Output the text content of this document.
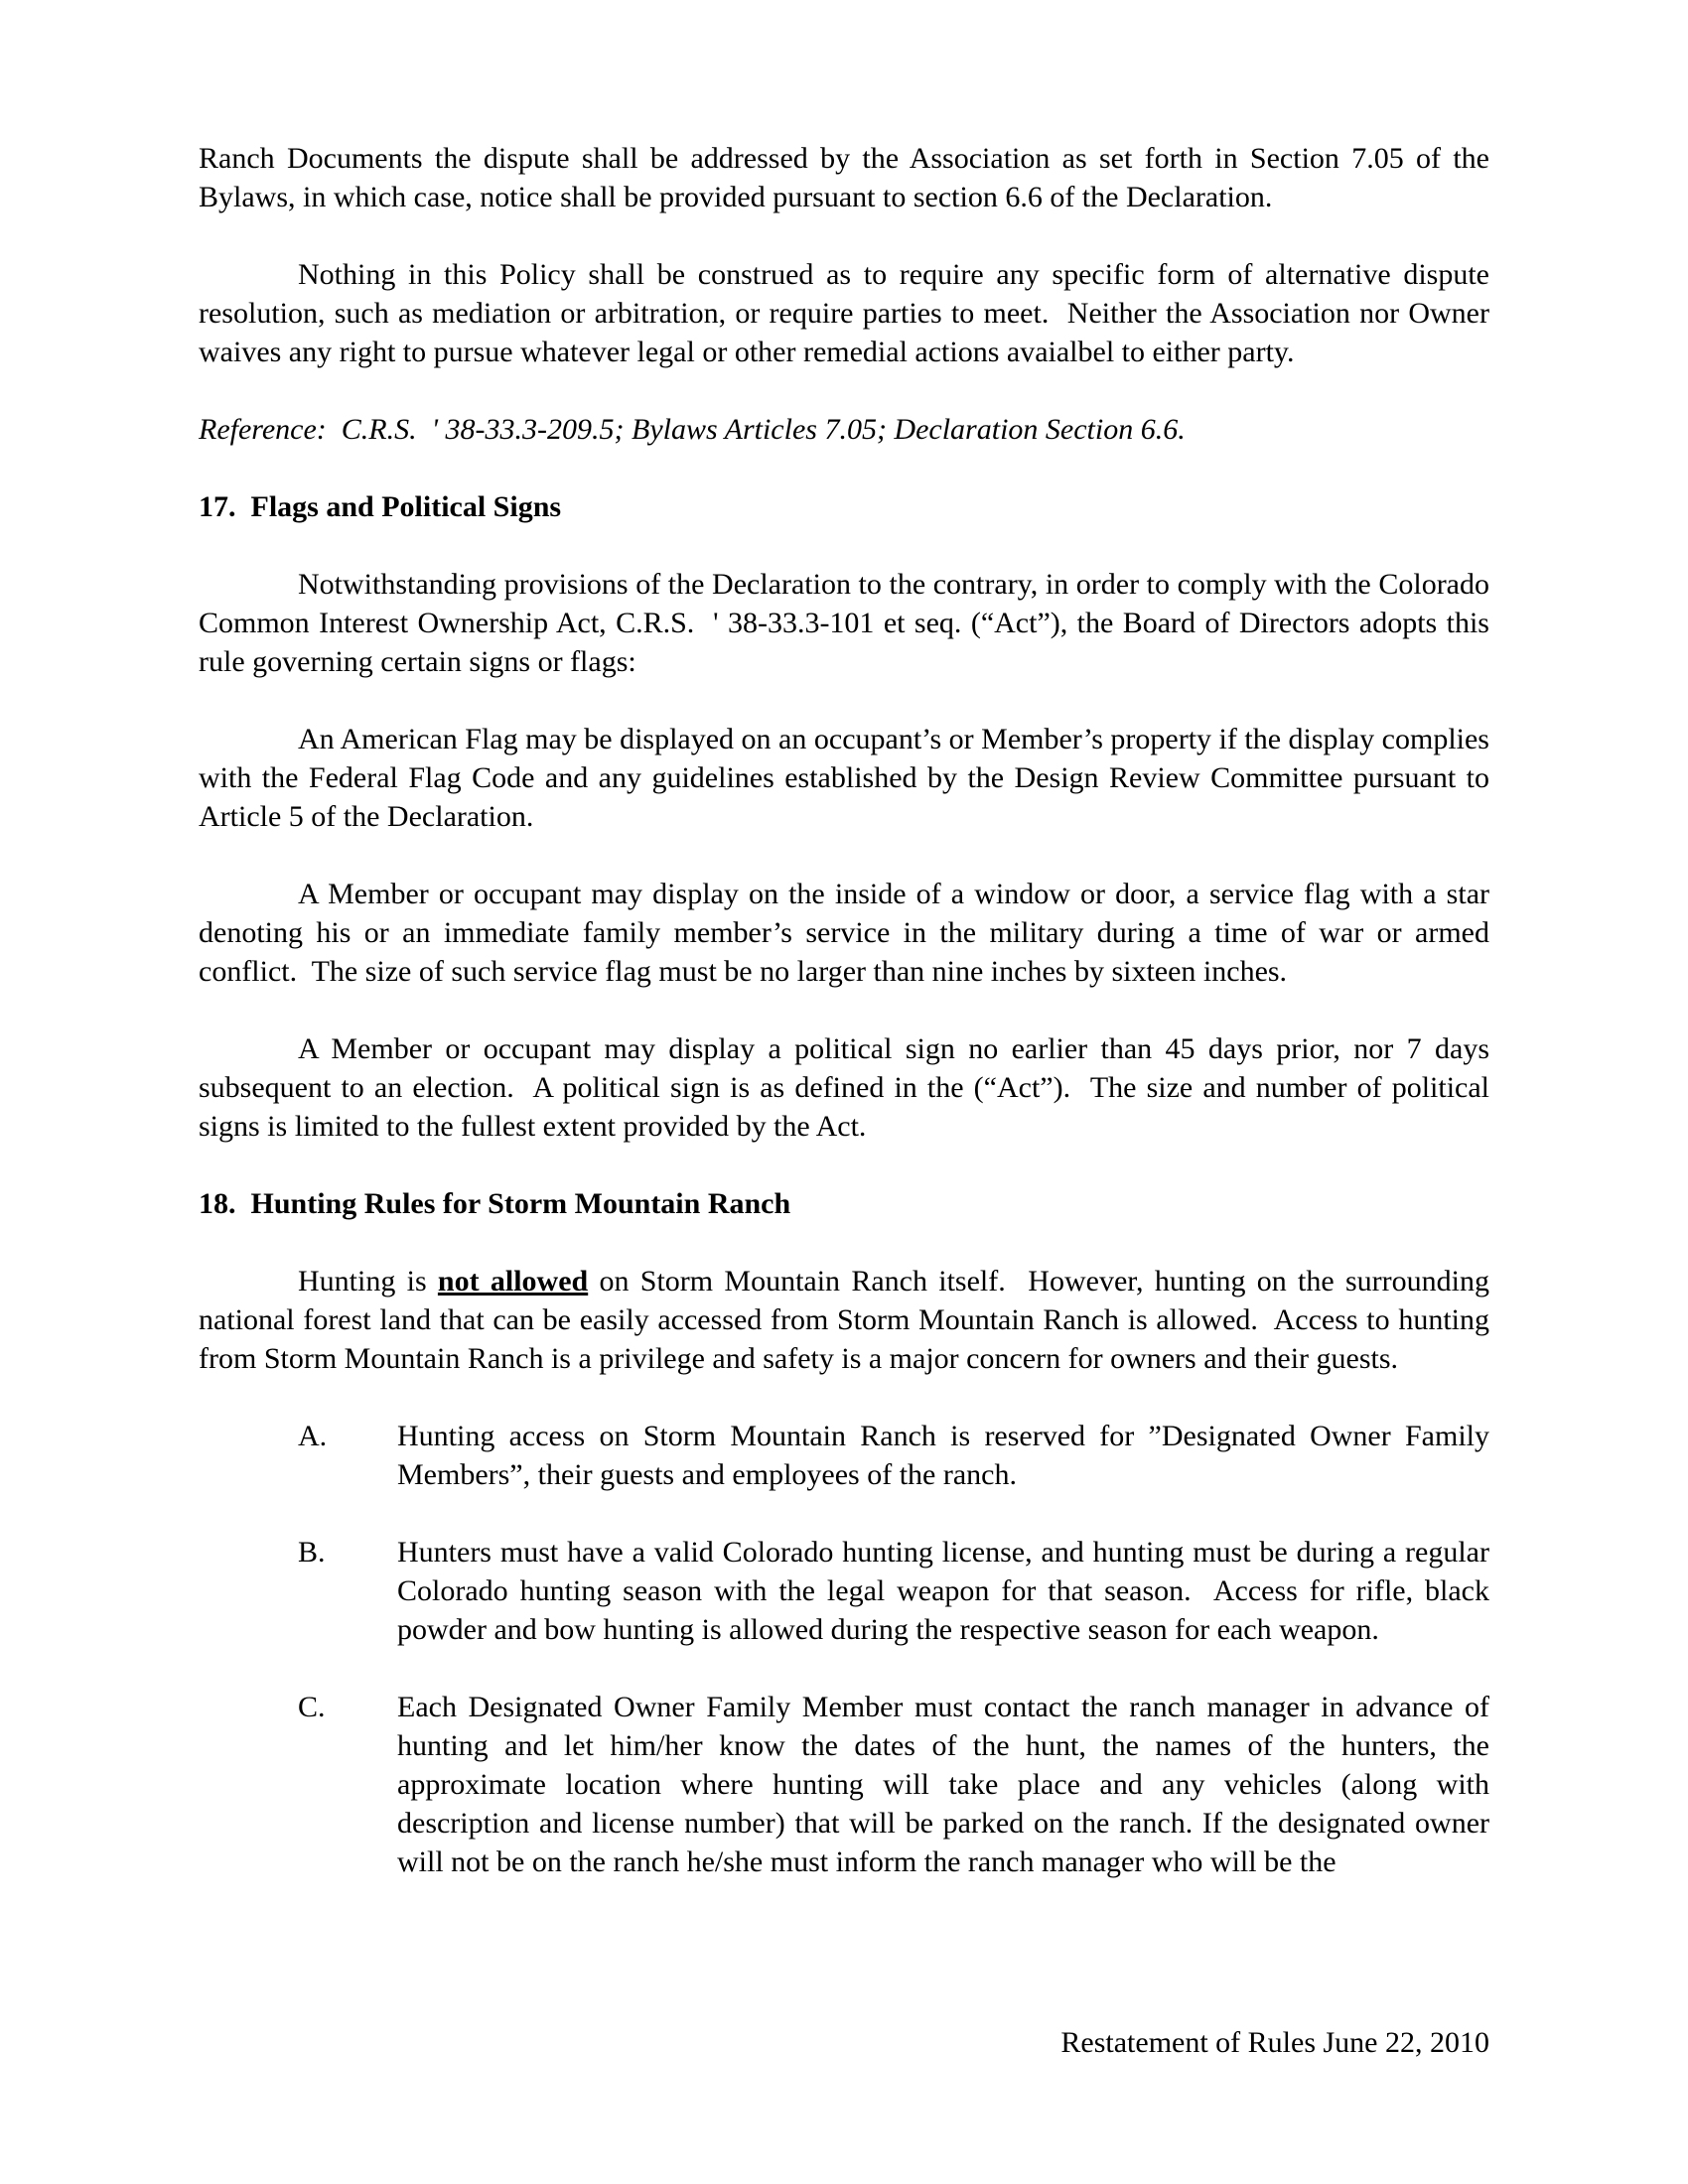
Ranch Documents the dispute shall be addressed by the Association as set forth in Section 7.05 of the Bylaws, in which case, notice shall be provided pursuant to section 6.6 of the Declaration.

Nothing in this Policy shall be construed as to require any specific form of alternative dispute resolution, such as mediation or arbitration, or require parties to meet.  Neither the Association nor Owner waives any right to pursue whatever legal or other remedial actions avaialbel to either party.

Reference:  C.R.S.  ' 38-33.3-209.5; Bylaws Articles 7.05; Declaration Section 6.6.

17.  Flags and Political Signs

Notwithstanding provisions of the Declaration to the contrary, in order to comply with the Colorado Common Interest Ownership Act, C.R.S.  ' 38-33.3-101 et seq. (“Act”), the Board of Directors adopts this rule governing certain signs or flags:

An American Flag may be displayed on an occupant’s or Member’s property if the display complies with the Federal Flag Code and any guidelines established by the Design Review Committee pursuant to Article 5 of the Declaration.

A Member or occupant may display on the inside of a window or door, a service flag with a star denoting his or an immediate family member’s service in the military during a time of war or armed conflict.  The size of such service flag must be no larger than nine inches by sixteen inches.

A Member or occupant may display a political sign no earlier than 45 days prior, nor 7 days subsequent to an election.  A political sign is as defined in the (“Act”).  The size and number of political signs is limited to the fullest extent provided by the Act.

18.  Hunting Rules for Storm Mountain Ranch

Hunting is not allowed on Storm Mountain Ranch itself.  However, hunting on the surrounding national forest land that can be easily accessed from Storm Mountain Ranch is allowed.  Access to hunting from Storm Mountain Ranch is a privilege and safety is a major concern for owners and their guests.

A.	Hunting access on Storm Mountain Ranch is reserved for ”Designated Owner Family Members”, their guests and employees of the ranch.
B.	Hunters must have a valid Colorado hunting license, and hunting must be during a regular Colorado hunting season with the legal weapon for that season.  Access for rifle, black powder and bow hunting is allowed during the respective season for each weapon.
C.	Each Designated Owner Family Member must contact the ranch manager in advance of hunting and let him/her know the dates of the hunt, the names of the hunters, the approximate location where hunting will take place and any vehicles (along with description and license number) that will be parked on the ranch. If the designated owner will not be on the ranch he/she must inform the ranch manager who will be the
Restatement of Rules June 22, 2010
